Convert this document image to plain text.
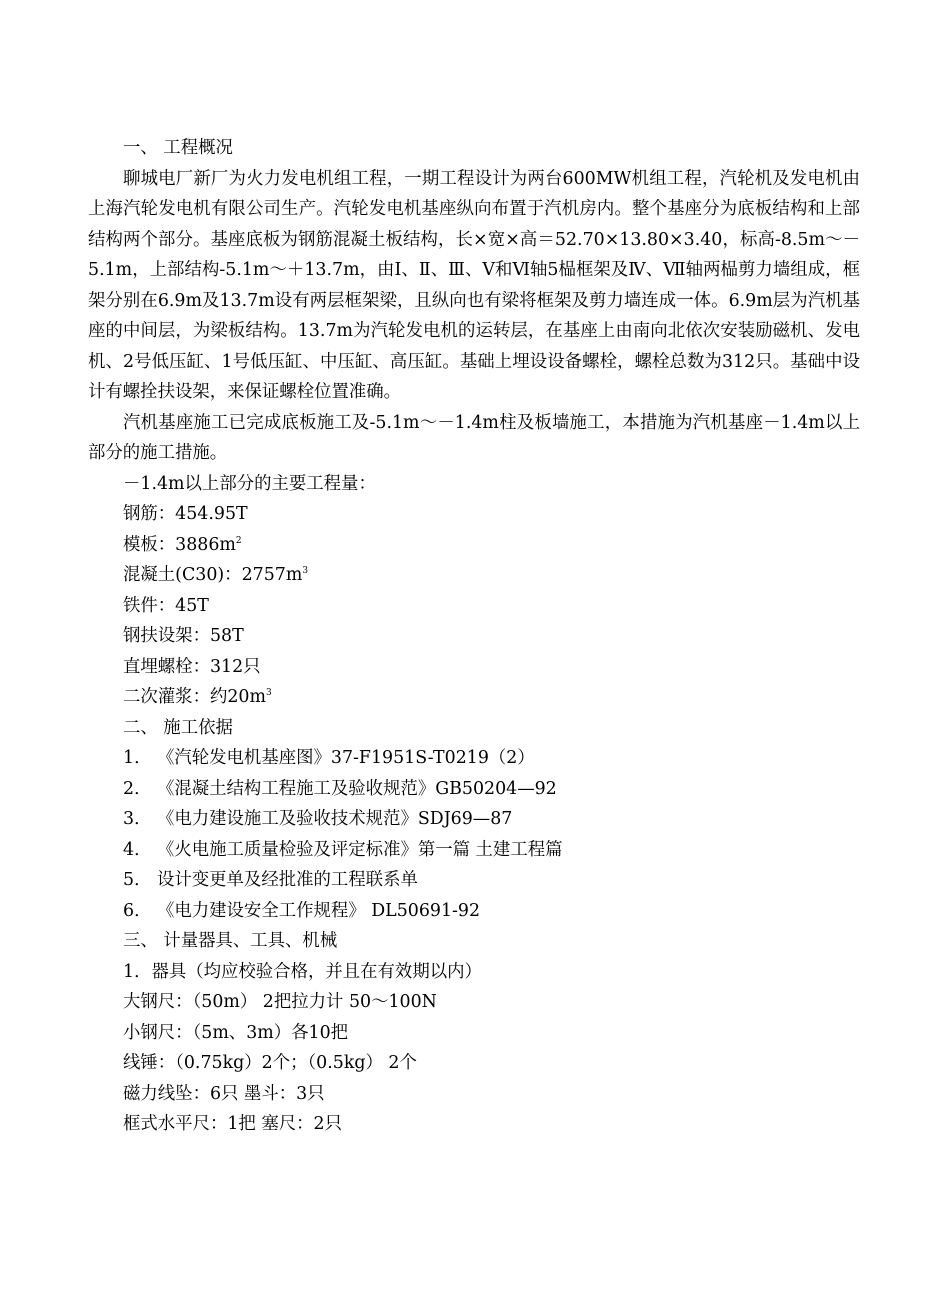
一、 工程概况

聊城电厂新厂为火力发电机组工程，一期工程设计为两台600MW机组工程，汽轮机及发电机由上海汽轮发电机有限公司生产。汽轮发电机基座纵向布置于汽机房内。整个基座分为底板结构和上部结构两个部分。基座底板为钢筋混凝土板结构，长×宽×高＝52.70×13.80×3.40，标高-8.5m～－5.1m，上部结构-5.1m～＋13.7m，由Ⅰ、Ⅱ、Ⅲ、Ⅴ和Ⅵ轴5榀框架及Ⅳ、Ⅶ轴两榀剪力墙组成，框架分别在6.9m及13.7m设有两层框架梁，且纵向也有梁将框架及剪力墙连成一体。6.9m层为汽机基座的中间层，为梁板结构。13.7m为汽轮发电机的运转层，在基座上由南向北依次安装励磁机、发电机、2号低压缸、1号低压缸、中压缸、高压缸。基础上埋设设备螺栓，螺栓总数为312只。基础中设计有螺拴扶设架，来保证螺栓位置准确。

汽机基座施工已完成底板施工及-5.1m～－1.4m柱及板墙施工，本措施为汽机基座－1.4m以上部分的施工措施。

－1.4m以上部分的主要工程量：

钢筋：454.95T

模板：$3886m^2$

混凝土(C30)：$2757m^3$

铁件：45T

钢扶设架：58T

直埋螺栓：312只

二次灌浆：约$20m^3$

二、 施工依据

1． 《汽轮发电机基座图》37-F1951S-T0219（2）

2． 《混凝土结构工程施工及验收规范》GB50204—92

3． 《电力建设施工及验收技术规范》SDJ69—87

4． 《火电施工质量检验及评定标准》第一篇 土建工程篇

5． 设计变更单及经批准的工程联系单

6． 《电力建设安全工作规程》 DL50691-92

三、 计量器具、工具、机械

1．器具（均应校验合格，并且在有效期以内）

大钢尺：（50m） 2把拉力计 50～100N

小钢尺：（5m、3m）各10把

线锤：（0.75kg）2个；（0.5kg） 2个

磁力线坠：6只 墨斗：3只

框式水平尺：1把 塞尺：2只
